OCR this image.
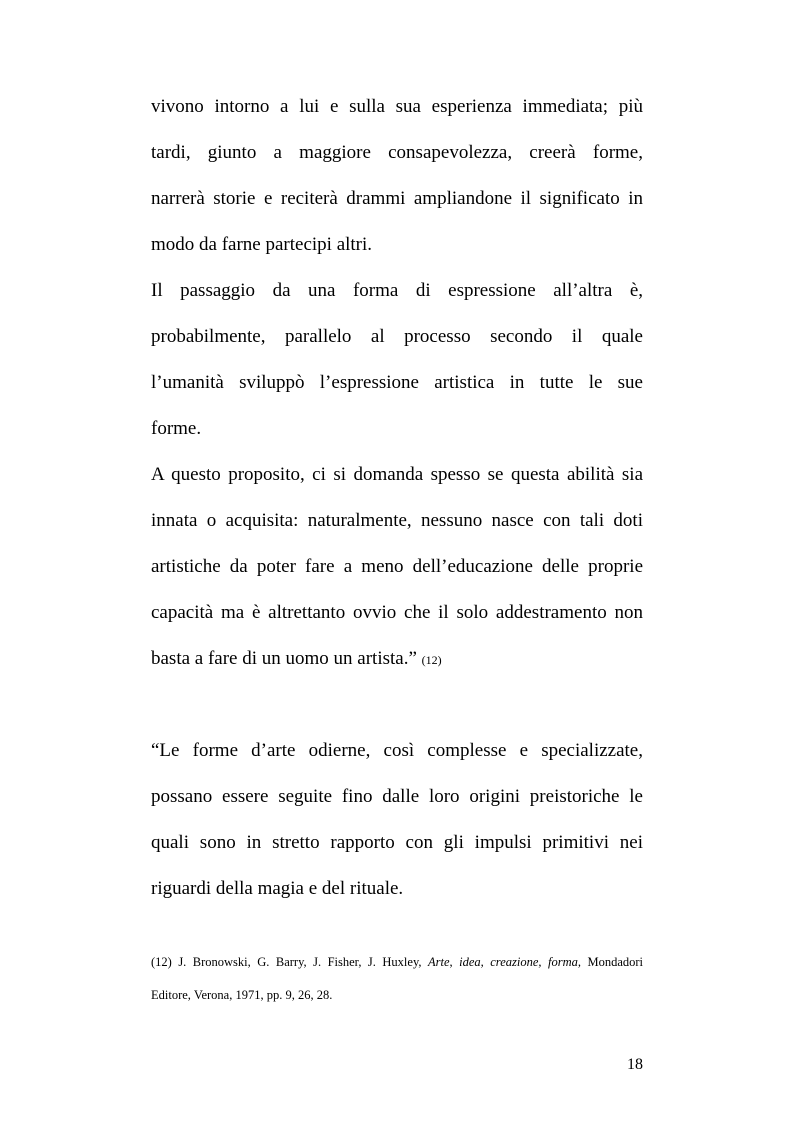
vivono intorno a lui e sulla sua esperienza immediata; più
tardi, giunto a maggiore consapevolezza, creerà forme,
narrerà storie e reciterà drammi ampliandone il significato in
modo da farne partecipi altri.
Il passaggio da una forma di espressione all’altra è,
probabilmente, parallelo al processo secondo il quale
l’umanità sviluppò l’espressione artistica in tutte le sue
forme.
A questo proposito, ci si domanda spesso se questa abilità sia
innata o acquisita: naturalmente, nessuno nasce con tali doti
artistiche da poter fare a meno dell’educazione delle proprie
capacità ma è altrettanto ovvio che il solo addestramento non
basta a fare di un uomo un artista.” (12)
“Le forme d’arte odierne, così complesse e specializzate,
possano essere seguite fino dalle loro origini preistoriche le
quali sono in stretto rapporto con gli impulsi primitivi nei
riguardi della magia e del rituale.
(12) J. Bronowski, G. Barry, J. Fisher, J. Huxley, Arte, idea, creazione, forma, Mondadori
Editore, Verona, 1971, pp. 9, 26, 28.
18
